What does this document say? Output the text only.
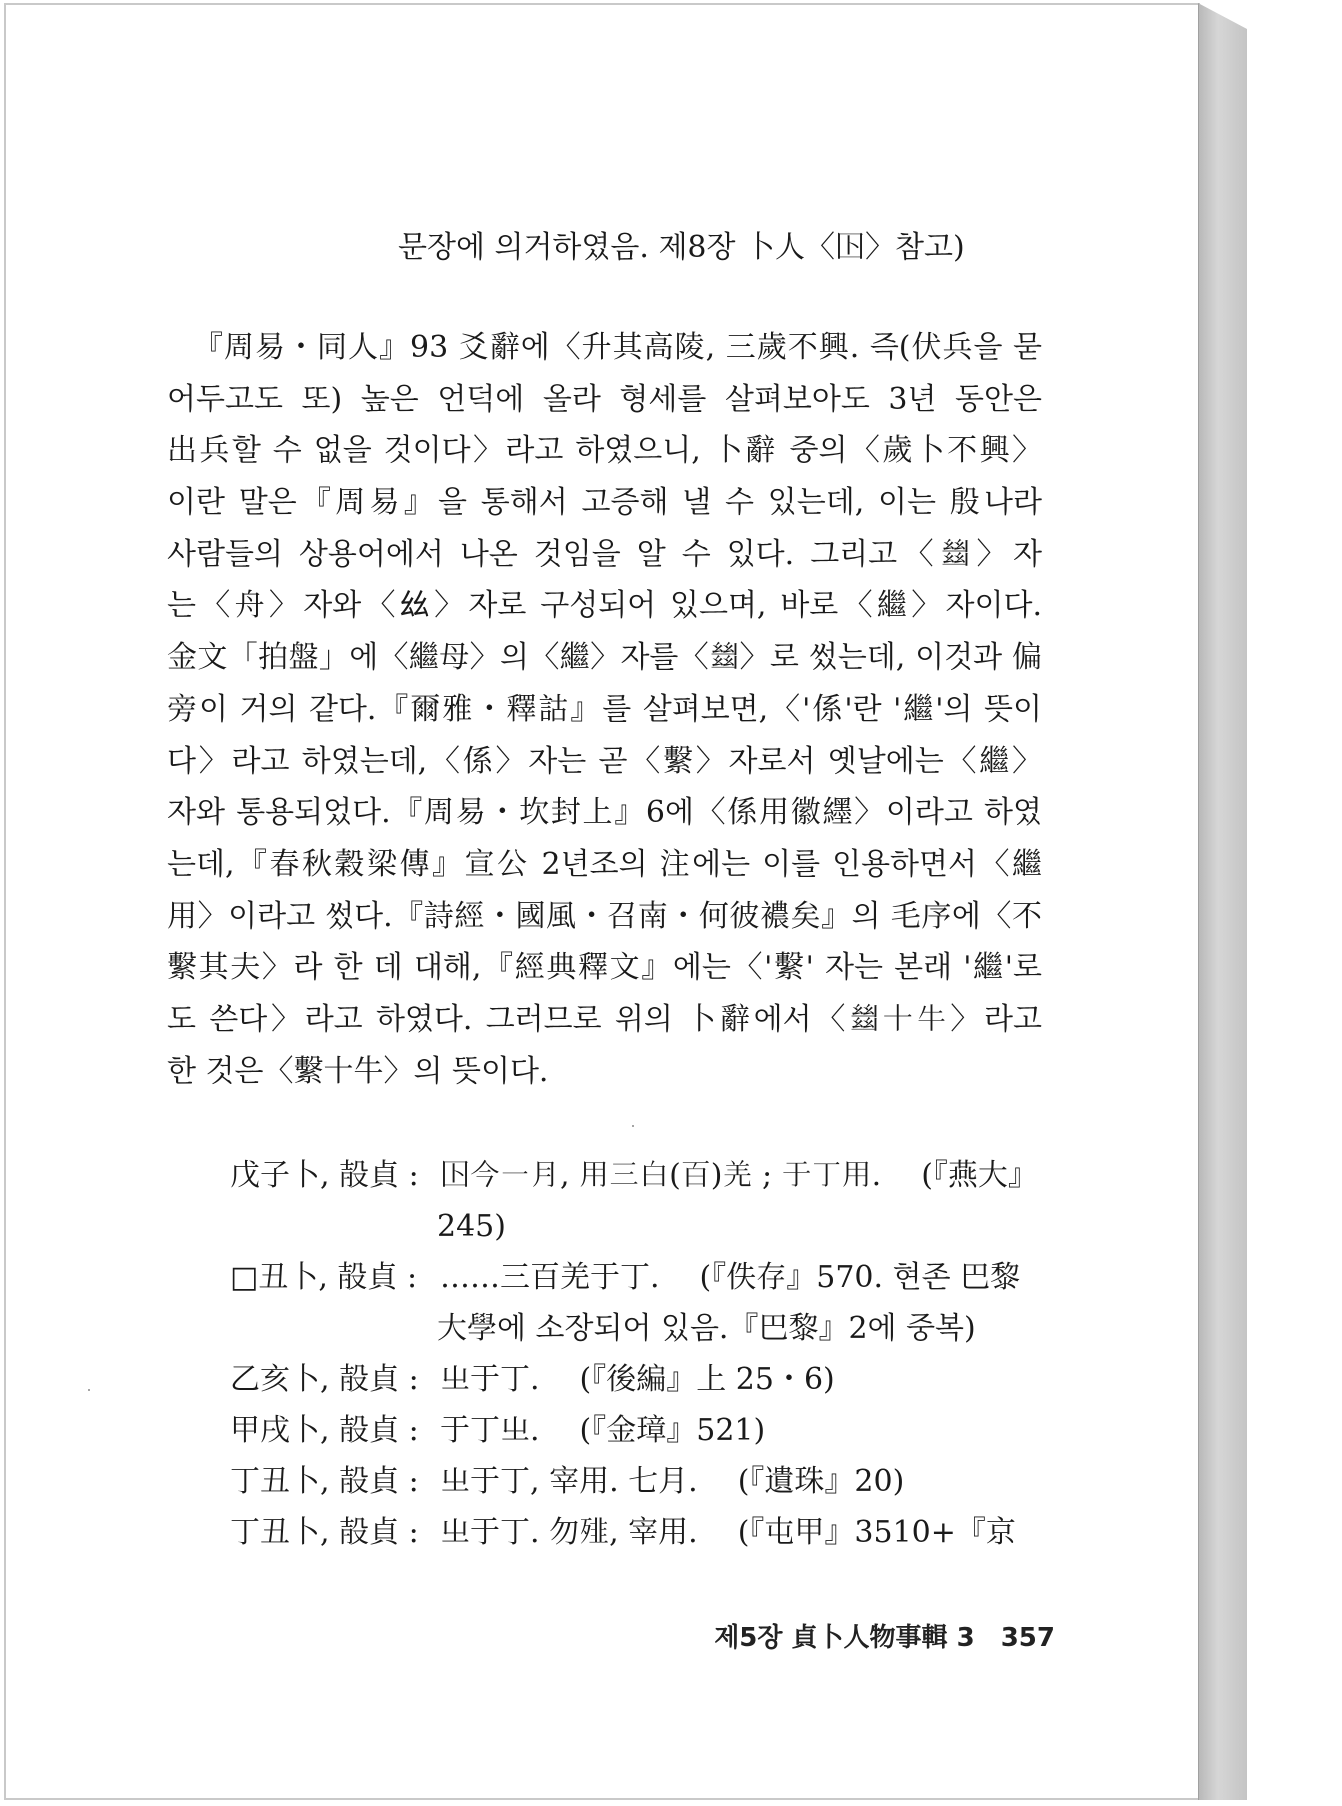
문장에 의거하였음. 제8장 卜人〈𡆥〉참고)
『周易・同人』93 爻辭에〈升其高陵, 三歲不興. 즉(伏兵을 묻
어두고도 또) 높은 언덕에 올라 형세를 살펴보아도 3년 동안은
出兵할 수 없을 것이다〉라고 하였으니, 卜辭 중의〈歲卜不興〉
이란 말은『周易』을 통해서 고증해 낼 수 있는데, 이는 殷나라
사람들의 상용어에서 나온 것임을 알 수 있다. 그리고〈𢇍〉자
는〈舟〉자와〈𢆶〉자로 구성되어 있으며, 바로〈繼〉자이다.
金文「拍盤」에〈繼母〉의〈繼〉자를〈𢇍〉로 썼는데, 이것과 偏
旁이 거의 같다.『爾雅・釋詁』를 살펴보면,〈'係'란 '繼'의 뜻이
다〉라고 하였는데,〈係〉자는 곧〈繫〉자로서 옛날에는〈繼〉
자와 통용되었다.『周易・坎封上』6에〈係用徽纆〉이라고 하였
는데,『春秋穀梁傳』宣公 2년조의 注에는 이를 인용하면서〈繼
用〉이라고 썼다.『詩經・國風・召南・何彼襛矣』의 毛序에〈不
繫其夫〉라 한 데 대해,『經典釋文』에는〈'繫' 자는 본래 '繼'로
도 쓴다〉라고 하였다. 그러므로 위의 卜辭에서〈𢇍十牛〉라고
한 것은〈繫十牛〉의 뜻이다.
戊子卜, 㱿貞 : 𡆥今一月, 用三白(百)羌 ; 于丁用. (『燕大』
245)
□丑卜, 㱿貞 : ……三百羌于丁. (『佚存』570. 현존 巴黎
大學에 소장되어 있음.『巴黎』2에 중복)
乙亥卜, 㱿貞 : 㞢于丁. (『後編』上 25・6)
甲戌卜, 㱿貞 : 于丁㞢. (『金璋』521)
丁丑卜, 㱿貞 : 㞢于丁, 宰用. 七月. (『遺珠』20)
丁丑卜, 㱿貞 : 㞢于丁. 勿𩐁, 宰用. (『屯甲』3510+『京
제5장 貞卜人物事輯 3 357
